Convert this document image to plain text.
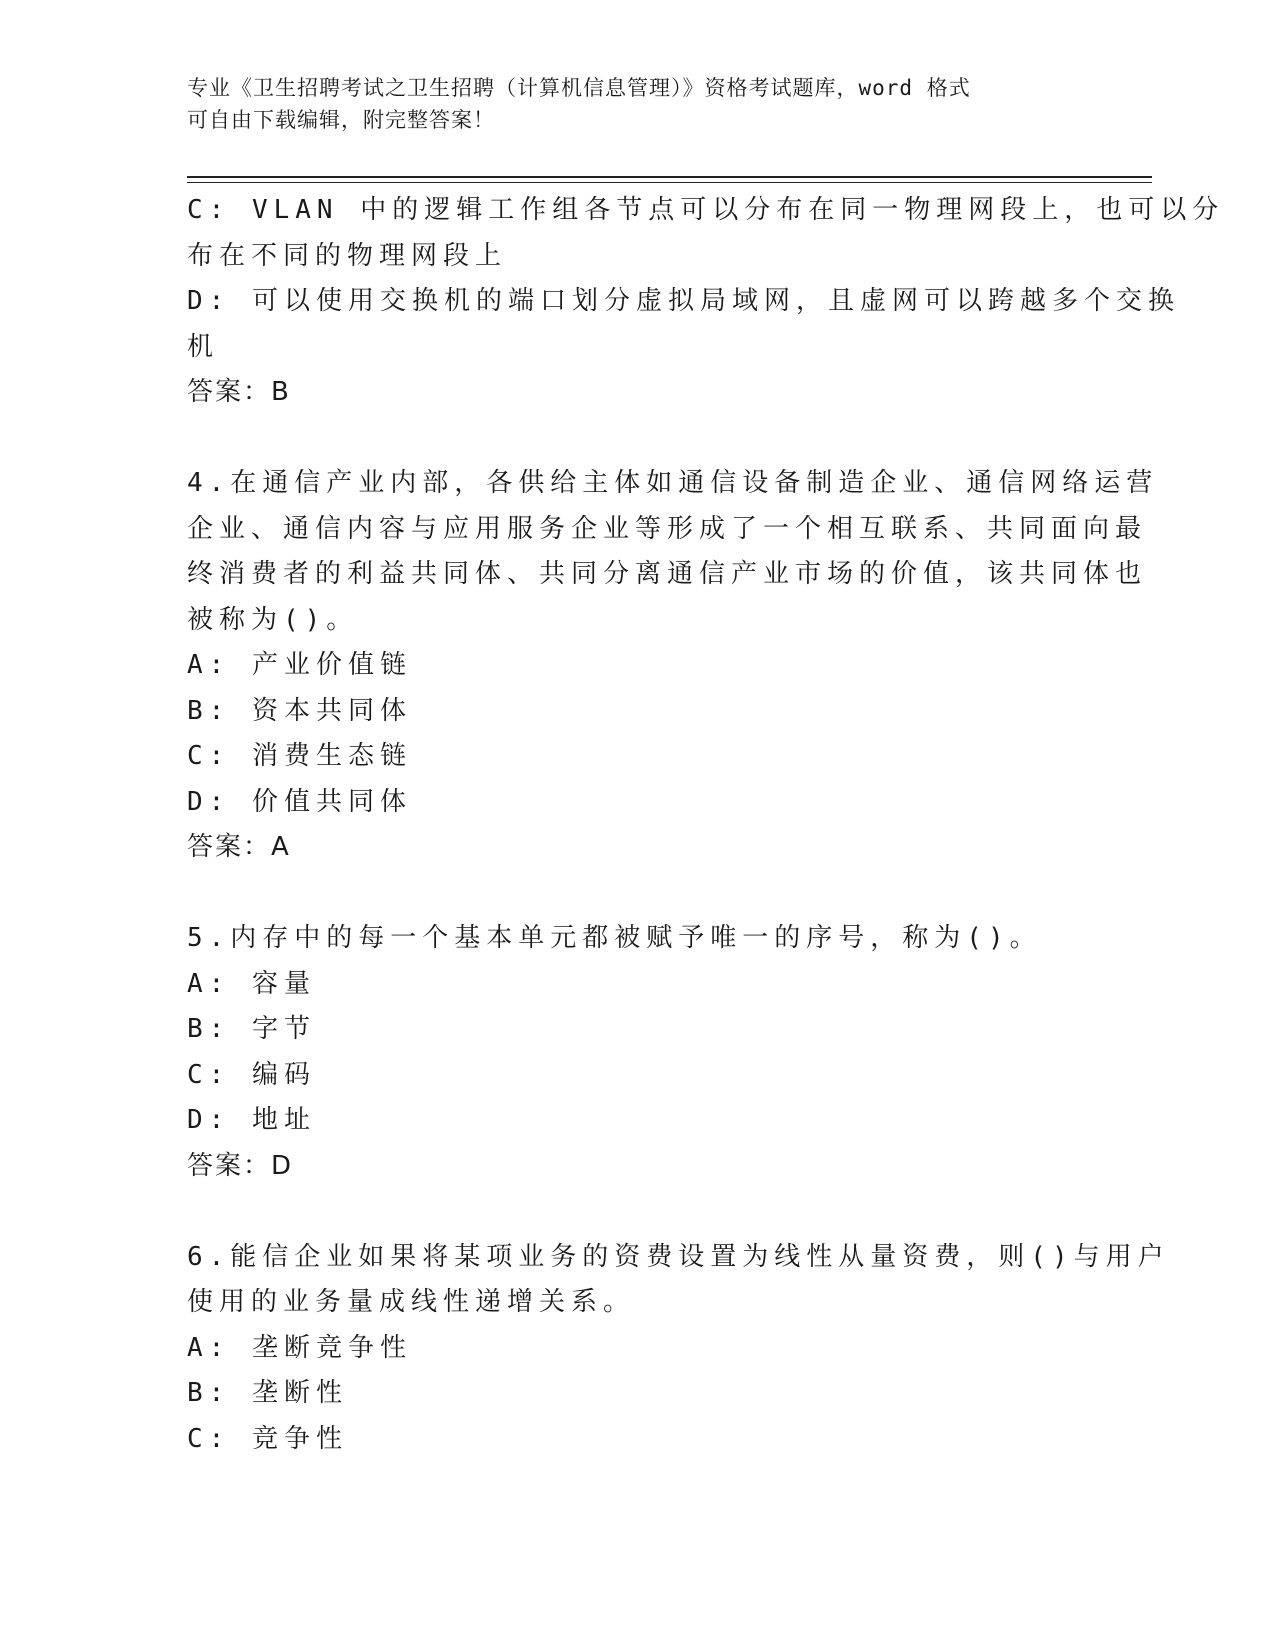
专业《卫生招聘考试之卫生招聘（计算机信息管理）》资格考试题库，word 格式
可自由下载编辑，附完整答案！
C: VLAN 中的逻辑工作组各节点可以分布在同一物理网段上，也可以分
布在不同的物理网段上
D: 可以使用交换机的端口划分虚拟局域网，且虚网可以跨越多个交换
机
答案：B
4.在通信产业内部，各供给主体如通信设备制造企业、通信网络运营
企业、通信内容与应用服务企业等形成了一个相互联系、共同面向最
终消费者的利益共同体、共同分离通信产业市场的价值，该共同体也
被称为()。
A: 产业价值链
B: 资本共同体
C: 消费生态链
D: 价值共同体
答案：A
5.内存中的每一个基本单元都被赋予唯一的序号，称为()。
A: 容量
B: 字节
C: 编码
D: 地址
答案：D
6.能信企业如果将某项业务的资费设置为线性从量资费，则()与用户
使用的业务量成线性递增关系。
A: 垄断竞争性
B: 垄断性
C: 竞争性
